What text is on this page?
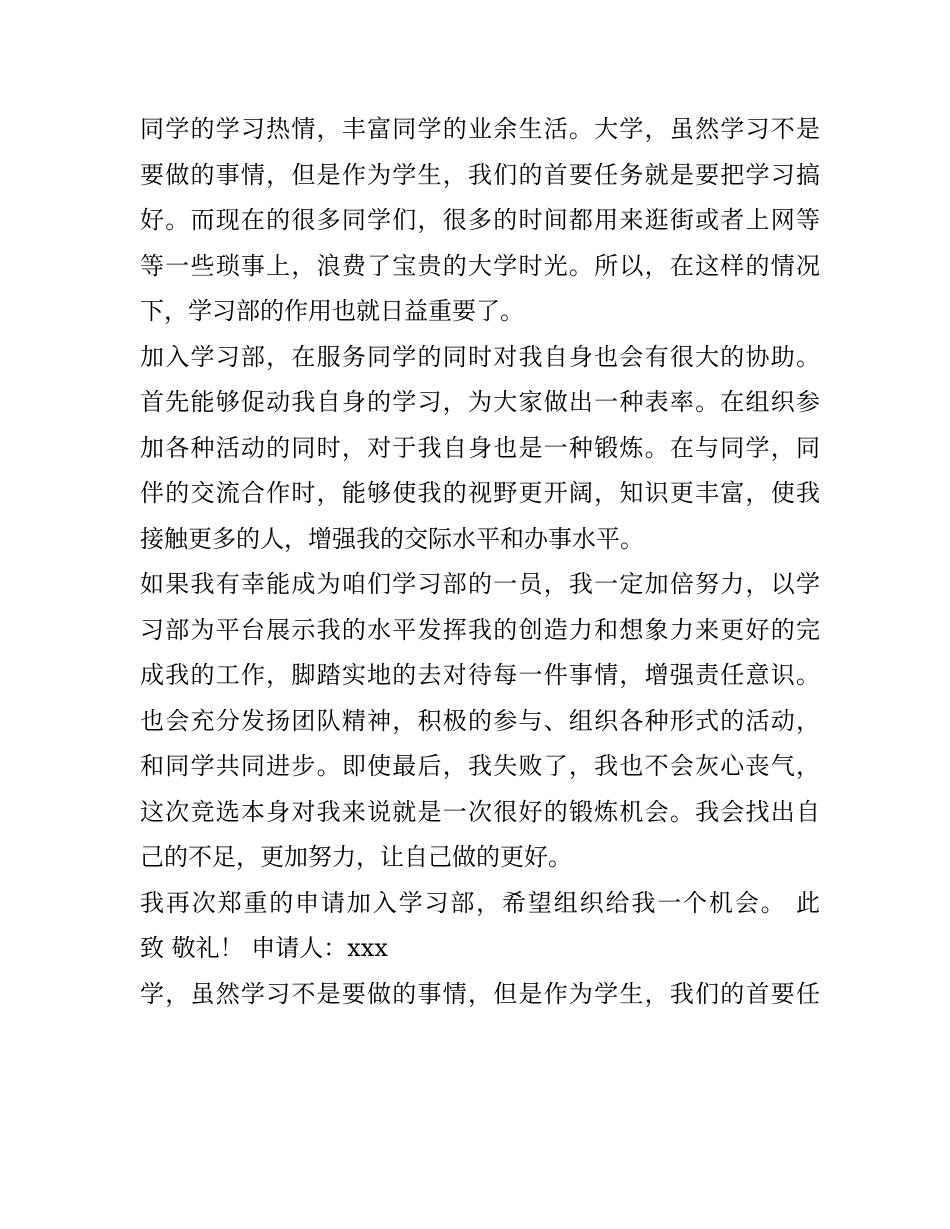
同学的学习热情，丰富同学的业余生活。大学，虽然学习不是
要做的事情，但是作为学生，我们的首要任务就是要把学习搞
好。而现在的很多同学们，很多的时间都用来逛街或者上网等
等一些琐事上，浪费了宝贵的大学时光。所以，在这样的情况
下，学习部的作用也就日益重要了。
加入学习部，在服务同学的同时对我自身也会有很大的协助。
首先能够促动我自身的学习，为大家做出一种表率。在组织参
加各种活动的同时，对于我自身也是一种锻炼。在与同学，同
伴的交流合作时，能够使我的视野更开阔，知识更丰富，使我
接触更多的人，增强我的交际水平和办事水平。
如果我有幸能成为咱们学习部的一员，我一定加倍努力，以学
习部为平台展示我的水平发挥我的创造力和想象力来更好的完
成我的工作，脚踏实地的去对待每一件事情，增强责任意识。
也会充分发扬团队精神，积极的参与、组织各种形式的活动，
和同学共同进步。即使最后，我失败了，我也不会灰心丧气，
这次竞选本身对我来说就是一次很好的锻炼机会。我会找出自
己的不足，更加努力，让自己做的更好。
我再次郑重的申请加入学习部，希望组织给我一个机会。 此
致 敬礼！ 申请人：xxx
学，虽然学习不是要做的事情，但是作为学生，我们的首要任
